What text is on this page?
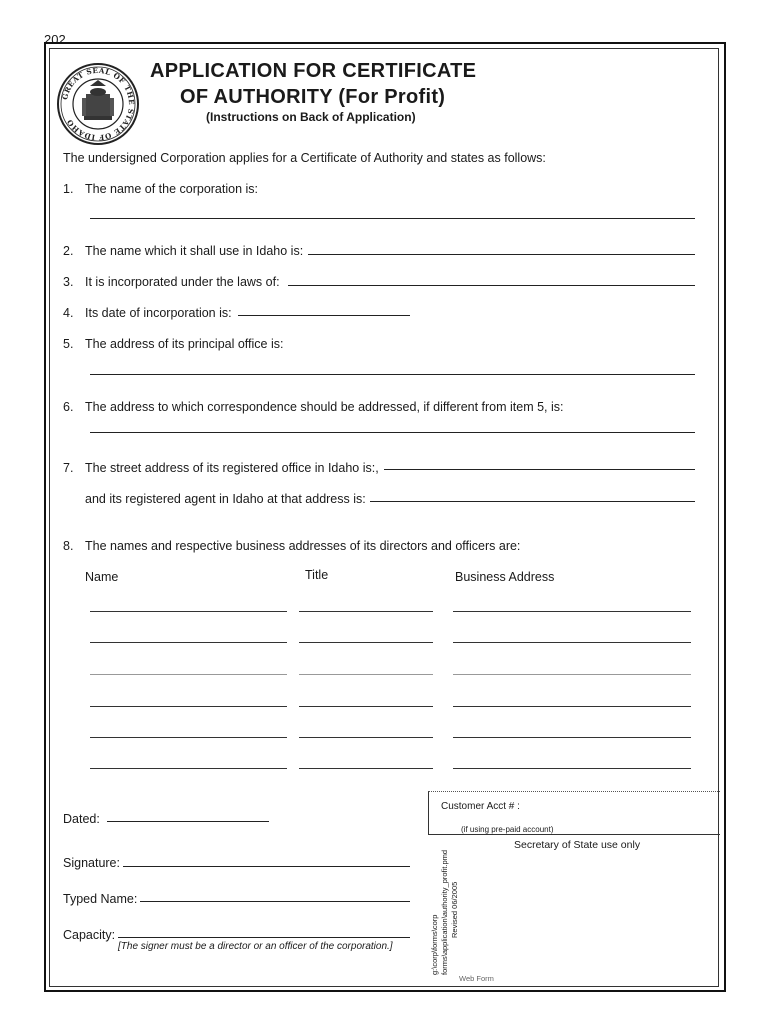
202
GREAT SEAL OF THE STATE OF IDAHO
APPLICATION FOR CERTIFICATE
OF AUTHORITY (For Profit)
(Instructions on Back of Application)
The undersigned Corporation applies for a Certificate of Authority and states as follows:
1. The name of the corporation is:
2. The name which it shall use in Idaho is:
3. It is incorporated under the laws of:
4. Its date of incorporation is:
5. The address of its principal office is:
6. The address to which correspondence should be addressed, if different from item 5, is:
7. The street address of its registered office in Idaho is:,
and its registered agent in Idaho at that address is:
8. The names and respective business addresses of its directors and officers are:
Name	Title	Business Address
Dated:
Signature:
Typed Name:
Capacity:
[The signer must be a director or an officer of the corporation.]
Customer Acct # :
(if using pre-paid account)
Secretary of State use only
g:\corp\forms\corp forms\application\authority_profit.pmd Revised 06/2005
Web Form
